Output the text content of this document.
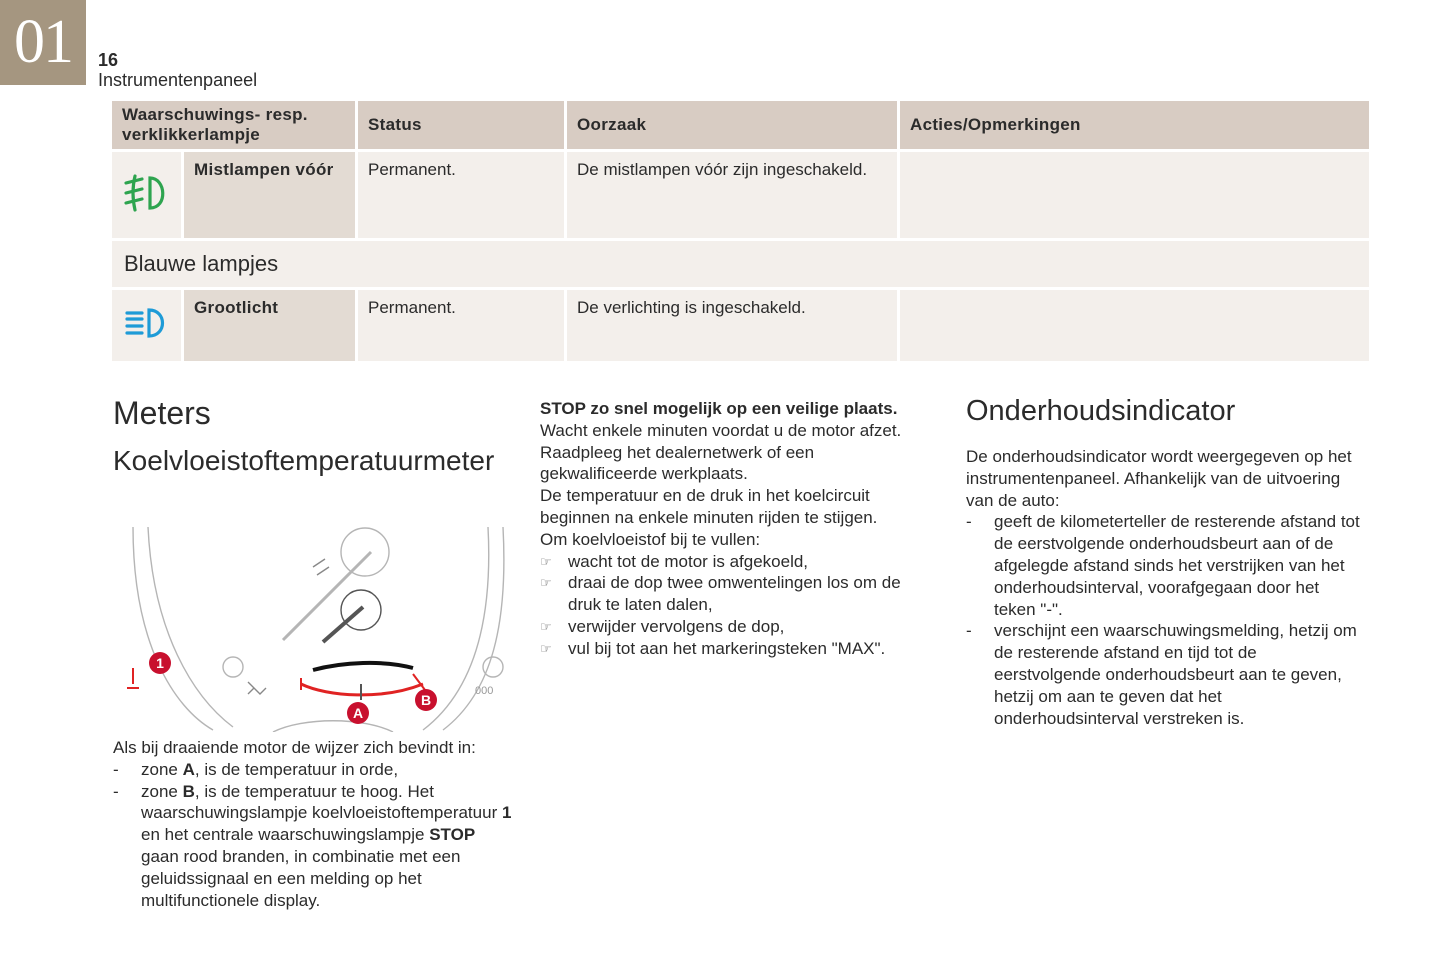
01	16
Instrumentenpaneel
Waarschuwings- resp. verklikkerlampje		Status	Oorzaak	Acties/Opmerkingen
	Mistlampen vóór	Permanent.	De mistlampen vóór zijn ingeschakeld.	
Blauwe lampjes				
	Grootlicht	Permanent.	De verlichting is ingeschakeld.	
Meters
Koelvloeistoftemperatuurmeter
1
A
B
000

Als bij draaiende motor de wijzer zich bevindt in:

- zone A, is de temperatuur in orde,
- zone B, is de temperatuur te hoog. Het waarschuwingslampje koelvloeistoftemperatuur 1 en het centrale waarschuwingslampje STOP gaan rood branden, in combinatie met een geluidssignaal en een melding op het multifunctionele display.

STOP zo snel mogelijk op een veilige plaats.

Wacht enkele minuten voordat u de motor afzet.

Raadpleeg het dealernetwerk of een gekwalificeerde werkplaats.

De temperatuur en de druk in het koelcircuit beginnen na enkele minuten rijden te stijgen.

Om koelvloeistof bij te vullen:

☞ wacht tot de motor is afgekoeld,
☞ draai de dop twee omwentelingen los om de druk te laten dalen,
☞ verwijder vervolgens de dop,
☞ vul bij tot aan het markeringsteken "MAX".
Onderhoudsindicator

De onderhoudsindicator wordt weergegeven op het instrumentenpaneel. Afhankelijk van de uitvoering van de auto:

- geeft de kilometerteller de resterende afstand tot de eerstvolgende onderhoudsbeurt aan of de afgelegde afstand sinds het verstrijken van het onderhoudsinterval, voorafgegaan door het teken "-".
- verschijnt een waarschuwingsmelding, hetzij om de resterende afstand en tijd tot de eerstvolgende onderhoudsbeurt aan te geven, hetzij om aan te geven dat het onderhoudsinterval verstreken is.
